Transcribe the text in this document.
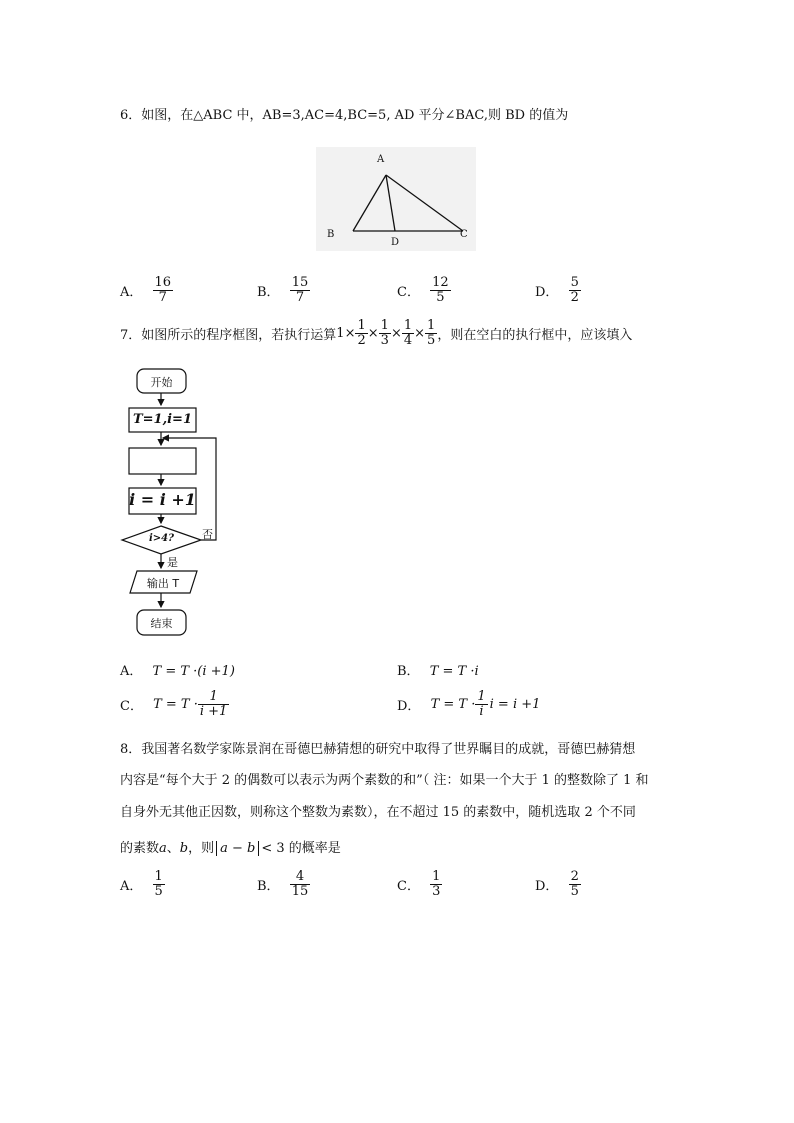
6．如图，在△ABC 中，AB=3,AC=4,BC=5, AD 平分∠BAC,则 BD 的值为
A
B
D
C
A． $\frac{16}{7}$	B． $\frac{15}{7}$	C． $\frac{12}{5}$	D． $\frac{5}{2}$
7．如图所示的程序框图，若执行运算$1\times \frac{1}{2} \times \frac{1}{3} \times \frac{1}{4} \times \frac{1}{5}$ ，则在空白的执行框中，应该填入
开始
T=1,i=1
i = i +1
i>4?	否
是
输出 T
结束
A． T = T ·(i +1)	B． T = T ·i
C． $T = T \cdot \frac{1}{i +1}$	D． $T = T \cdot \frac{1}{i}$ i = i +1
8．我国著名数学家陈景润在哥德巴赫猜想的研究中取得了世界瞩目的成就，哥德巴赫猜想
内容是“每个大于 2 的偶数可以表示为两个素数的和”（ 注：如果一个大于 1 的整数除了 1 和
自身外无其他正因数，则称这个整数为素数），在不超过 15 的素数中，随机选取 2 个不同
的素数a、b，则 a − b < 3 的概率是
A． $\frac{1}{5}$	B． $\frac{4}{15}$	C． $\frac{1}{3}$	D． $\frac{2}{5}$
